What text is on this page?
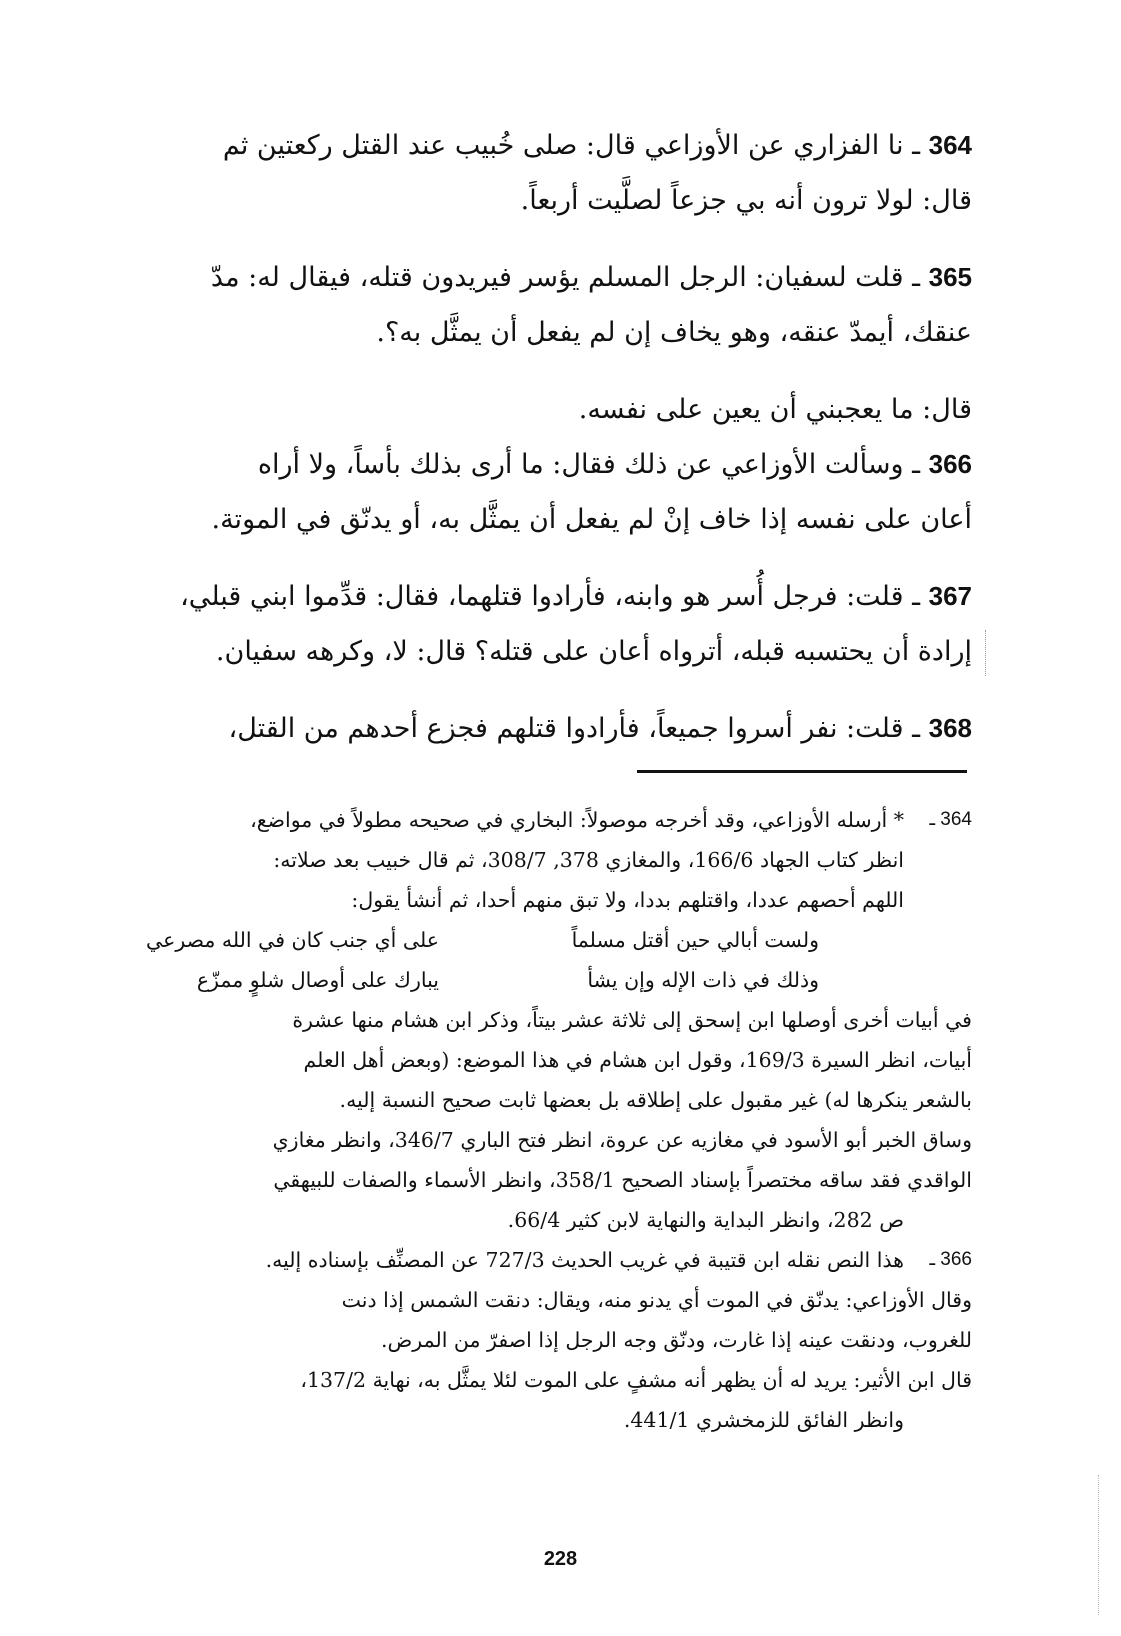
364 ـ نا الفزاري عن الأوزاعي قال: صلى خُبيب عند القتل ركعتين ثم
قال: لولا ترون أنه بي جزعاً لصلَّيت أربعاً.

365 ـ قلت لسفيان: الرجل المسلم يؤسر فيريدون قتله، فيقال له: مدّ
عنقك، أيمدّ عنقه، وهو يخاف إن لم يفعل أن يمثَّل به؟.

قال: ما يعجبني أن يعين على نفسه.

366 ـ وسألت الأوزاعي عن ذلك فقال: ما أرى بذلك بأساً، ولا أراه
أعان على نفسه إذا خاف إنْ لم يفعل أن يمثَّل به، أو يدنّق في الموتة.

367 ـ قلت: فرجل أُسر هو وابنه، فأرادوا قتلهما، فقال: قدِّموا ابني قبلي،
إرادة أن يحتسبه قبله، أترواه أعان على قتله؟ قال: لا، وكرهه سفيان.

368 ـ قلت: نفر أسروا جميعاً، فأرادوا قتلهم فجزع أحدهم من القتل،

364 ـ

* أرسله الأوزاعي، وقد أخرجه موصولاً: البخاري في صحيحه مطولاً في مواضع،

انظر كتاب الجهاد 166/6، والمغازي 378, 308/7، ثم قال خبيب بعد صلاته:

اللهم أحصهم عددا، واقتلهم بددا، ولا تبق منهم أحدا، ثم أنشأ يقول:

ولست أبالي حين أقتل مسلماً
على أي جنب كان في الله مصرعي
وذلك في ذات الإله وإن يشأ
يبارك على أوصال شلوٍ ممزّع

في أبيات أخرى أوصلها ابن إسحق إلى ثلاثة عشر بيتاً، وذكر ابن هشام منها عشرة

أبيات، انظر السيرة 169/3، وقول ابن هشام في هذا الموضع: (وبعض أهل العلم

بالشعر ينكرها له) غير مقبول على إطلاقه بل بعضها ثابت صحيح النسبة إليه.

وساق الخبر أبو الأسود في مغازيه عن عروة، انظر فتح الباري 346/7، وانظر مغازي

الواقدي فقد ساقه مختصراً بإسناد الصحيح 358/1، وانظر الأسماء والصفات للبيهقي

ص 282، وانظر البداية والنهاية لابن كثير 66/4.

366 ـ

هذا النص نقله ابن قتيبة في غريب الحديث 727/3 عن المصنِّف بإسناده إليه.

وقال الأوزاعي: يدنّق في الموت أي يدنو منه، ويقال: دنقت الشمس إذا دنت

للغروب، ودنقت عينه إذا غارت، ودنّق وجه الرجل إذا اصفرّ من المرض.

قال ابن الأثير: يريد له أن يظهر أنه مشفٍ على الموت لئلا يمثَّل به، نهاية 137/2،

وانظر الفائق للزمخشري 441/1.

228
